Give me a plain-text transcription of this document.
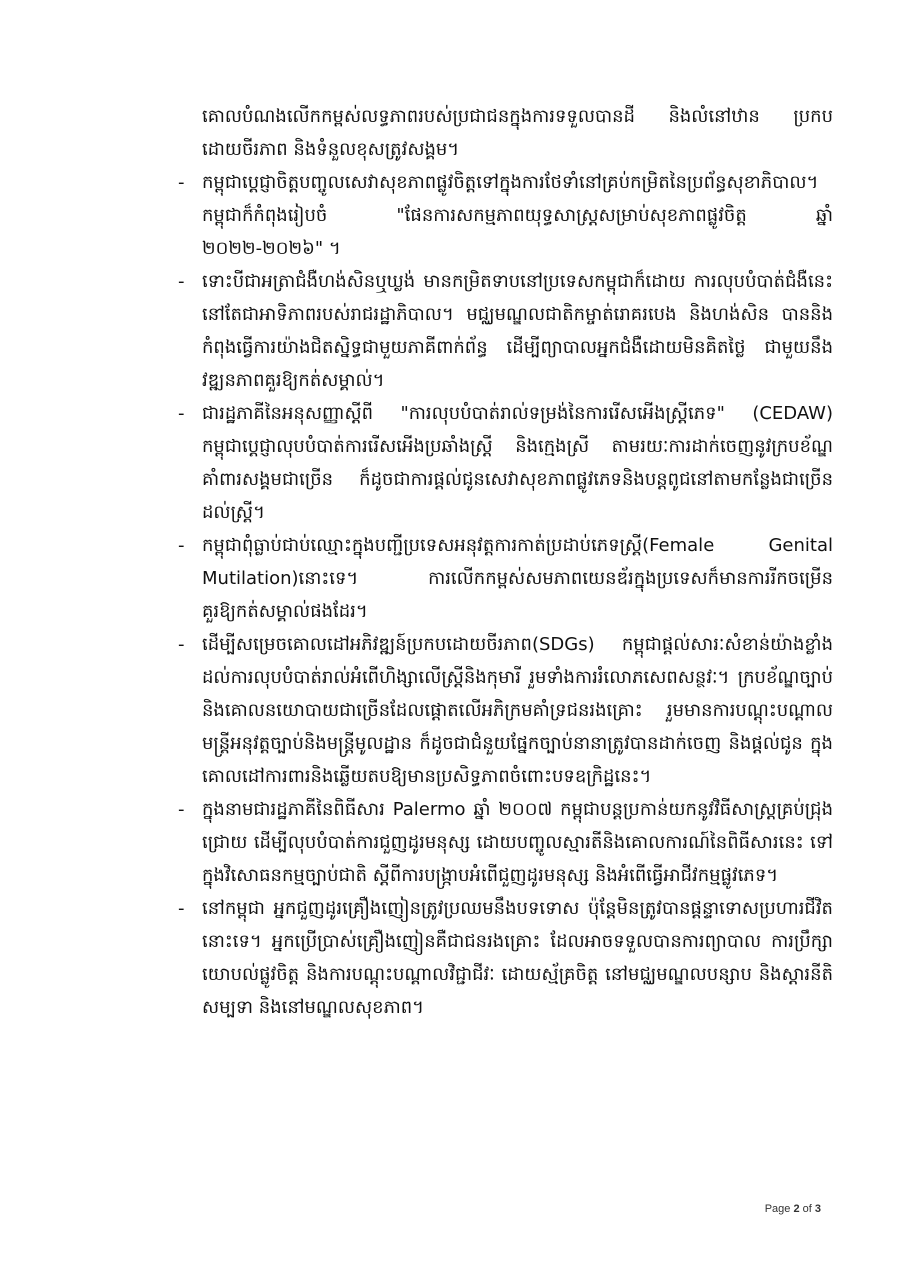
គោលបំណងលើកកម្ពស់លទ្ធភាពរបស់ប្រជាជនក្នុងការទទួលបានដី និងលំនៅឋាន ប្រកបដោយចីរភាព និងទំនួលខុសត្រូវសង្គម។

- កម្ពុជាប្តេជ្ញាចិត្តបញ្ចូលសេវាសុខភាពផ្លូវចិត្តទៅក្នុងការថែទាំនៅគ្រប់កម្រិតនៃប្រព័ន្ធសុខាភិបាល។ កម្ពុជាក៏កំពុងរៀបចំ "ផែនការសកម្មភាពយុទ្ធសាស្ត្រសម្រាប់សុខភាពផ្លូវចិត្ត ឆ្នាំ ២០២២-២០២៦" ។
- ទោះបីជាអត្រាជំងឺហង់សិនឬឃ្លង់ មានកម្រិតទាបនៅប្រទេសកម្ពុជាក៏ដោយ ការលុបបំបាត់ជំងឺនេះនៅតែជាអាទិភាពរបស់រាជរដ្ឋាភិបាល។ មជ្ឈមណ្ឌលជាតិកម្ចាត់រោគរបេង និងហង់សិន បាននិងកំពុងធ្វើការយ៉ាងជិតស្និទ្ធជាមួយភាគីពាក់ព័ន្ធ ដើម្បីព្យាបាលអ្នកជំងឺដោយមិនគិតថ្លៃ ជាមួយនឹងវឌ្ឍនភាពគួរឱ្យកត់សម្គាល់។
- ជារដ្ឋភាគីនៃអនុសញ្ញាស្តីពី "ការលុបបំបាត់រាល់ទម្រង់នៃការរើសអើងស្ត្រីភេទ" (CEDAW) កម្ពុជាប្តេជ្ញាលុបបំបាត់ការរើសអើងប្រឆាំងស្ត្រី និងក្មេងស្រី តាមរយៈការដាក់ចេញនូវក្របខ័ណ្ឌគាំពារសង្គមជាច្រើន ក៏ដូចជាការផ្តល់ជូនសេវាសុខភាពផ្លូវភេទនិងបន្តពូជនៅតាមកន្លែងជាច្រើន ដល់ស្ត្រី។
- កម្ពុជាពុំធ្លាប់ជាប់ឈ្មោះក្នុងបញ្ជីប្រទេសអនុវត្តការកាត់ប្រដាប់ភេទស្ត្រី(Female Genital Mutilation)នោះទេ។ ការលើកកម្ពស់សមភាពយេនឌ័រក្នុងប្រទេសក៏មានការរីកចម្រើនគួរឱ្យកត់សម្គាល់ផងដែរ។
- ដើម្បីសម្រេចគោលដៅអភិវឌ្ឍន៍ប្រកបដោយចីរភាព(SDGs) កម្ពុជាផ្តល់សារៈសំខាន់យ៉ាងខ្លាំងដល់ការលុបបំបាត់រាល់អំពើហិង្សាលើស្ត្រីនិងកុមារី រួមទាំងការរំលោភសេពសន្ថវៈ។ ក្របខ័ណ្ឌច្បាប់និងគោលនយោបាយជាច្រើនដែលផ្តោតលើអភិក្រមគាំទ្រជនរងគ្រោះ រួមមានការបណ្តុះបណ្តាលមន្ត្រីអនុវត្តច្បាប់និងមន្ត្រីមូលដ្ឋាន ក៏ដូចជាជំនួយផ្នែកច្បាប់នានាត្រូវបានដាក់ចេញ និងផ្តល់ជូន ក្នុងគោលដៅការពារនិងឆ្លើយតបឱ្យមានប្រសិទ្ធភាពចំពោះបទឧក្រិដ្ឋនេះ។
- ក្នុងនាមជារដ្ឋភាគីនៃពិធីសារ Palermo ឆ្នាំ ២០០៧ កម្ពុជាបន្តប្រកាន់យកនូវវិធីសាស្ត្រគ្រប់ជ្រុងជ្រោយ ដើម្បីលុបបំបាត់ការជួញដូរមនុស្ស ដោយបញ្ចូលស្មារតីនិងគោលការណ៍នៃពិធីសារនេះ ទៅក្នុងវិសោធនកម្មច្បាប់ជាតិ ស្តីពីការបង្ក្រាបអំពើជួញដូរមនុស្ស និងអំពើធ្វើអាជីវកម្មផ្លូវភេទ។
- នៅកម្ពុជា អ្នកជួញដូរគ្រឿងញៀនត្រូវប្រឈមនឹងបទទោស ប៉ុន្តែមិនត្រូវបានផ្តន្ទាទោសប្រហារជីវិតនោះទេ។ អ្នកប្រើប្រាស់គ្រឿងញៀនគឺជាជនរងគ្រោះ ដែលអាចទទួលបានការព្យាបាល ការប្រឹក្សាយោបល់ផ្លូវចិត្ត និងការបណ្តុះបណ្តាលវិជ្ជាជីវៈ ដោយស្ម័គ្រចិត្ត នៅមជ្ឈមណ្ឌលបន្សាប និងស្តារនីតិសម្បទា និងនៅមណ្ឌលសុខភាព។
Page 2 of 3
